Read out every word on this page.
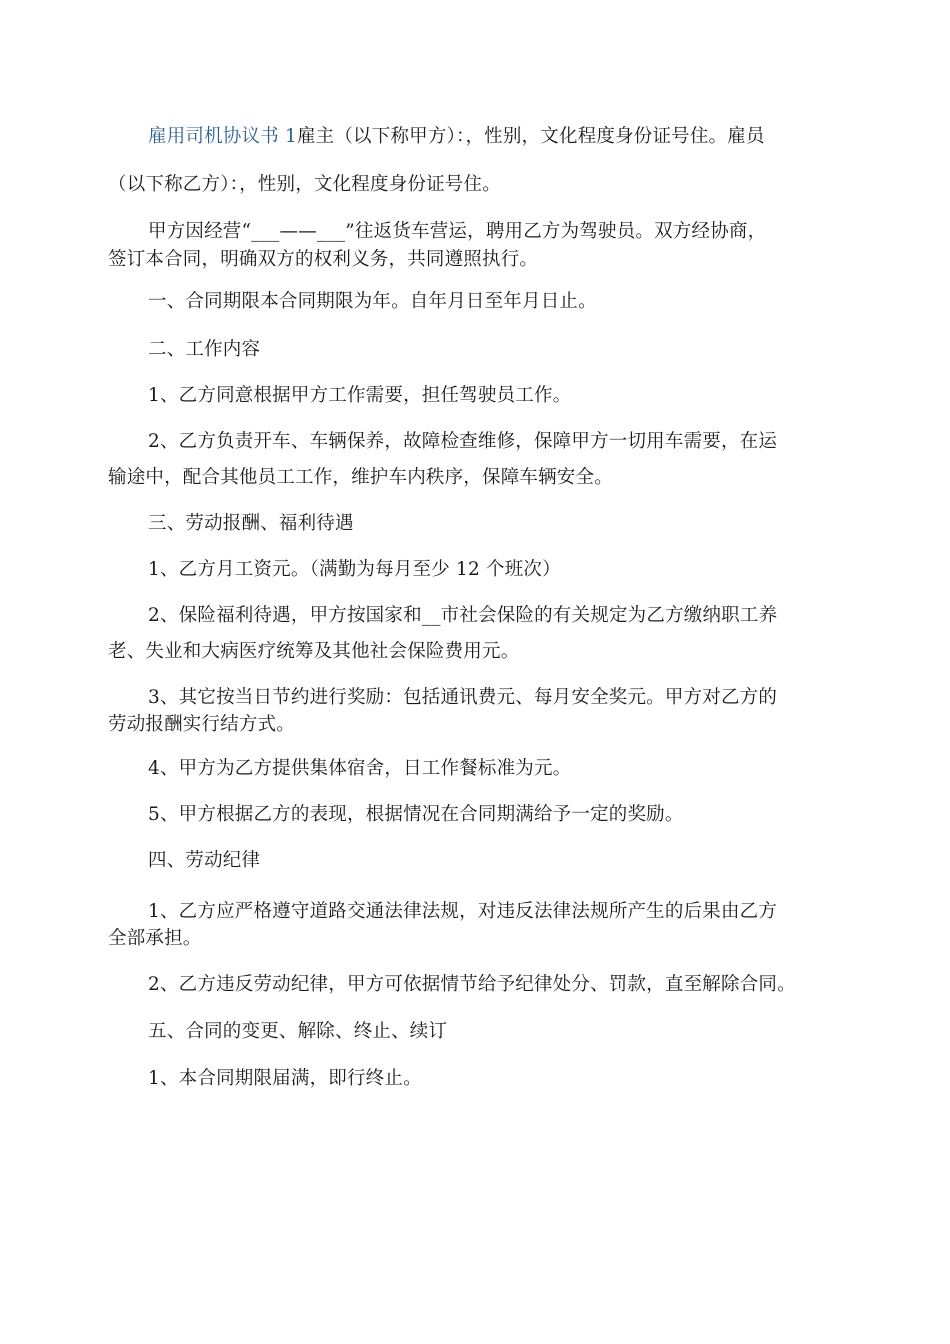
雇用司机协议书 1雇主（以下称甲方）：，性别，文化程度身份证号住。雇员
（以下称乙方）：，性别，文化程度身份证号住。
甲方因经营“___——___”往返货车营运，聘用乙方为驾驶员。双方经协商，
签订本合同，明确双方的权利义务，共同遵照执行。
一、合同期限本合同期限为年。自年月日至年月日止。
二、工作内容
1、乙方同意根据甲方工作需要，担任驾驶员工作。
2、乙方负责开车、车辆保养，故障检查维修，保障甲方一切用车需要，在运
输途中，配合其他员工工作，维护车内秩序，保障车辆安全。
三、劳动报酬、福利待遇
1、乙方月工资元。（满勤为每月至少 12 个班次）
2、保险福利待遇，甲方按国家和__市社会保险的有关规定为乙方缴纳职工养
老、失业和大病医疗统筹及其他社会保险费用元。
3、其它按当日节约进行奖励：包括通讯费元、每月安全奖元。甲方对乙方的
劳动报酬实行结方式。
4、甲方为乙方提供集体宿舍，日工作餐标准为元。
5、甲方根据乙方的表现，根据情况在合同期满给予一定的奖励。
四、劳动纪律
1、乙方应严格遵守道路交通法律法规，对违反法律法规所产生的后果由乙方
全部承担。
2、乙方违反劳动纪律，甲方可依据情节给予纪律处分、罚款，直至解除合同。
五、合同的变更、解除、终止、续订
1、本合同期限届满，即行终止。
